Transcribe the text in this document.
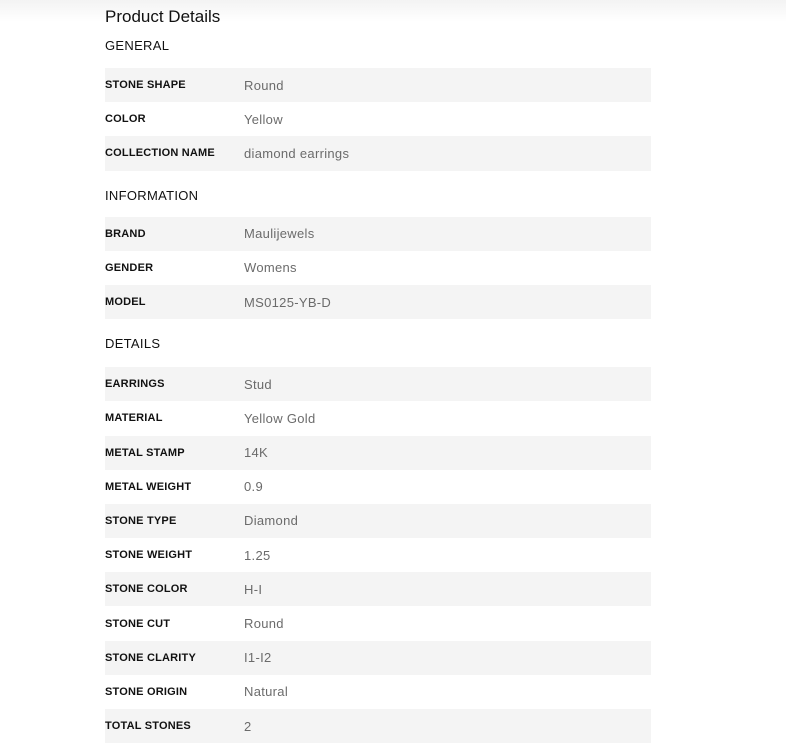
Product Details
GENERAL
STONE SHAPE	Round
COLOR	Yellow
COLLECTION NAME	diamond earrings
INFORMATION
BRAND	Maulijewels
GENDER	Womens
MODEL	MS0125-YB-D
DETAILS
EARRINGS	Stud
MATERIAL	Yellow Gold
METAL STAMP	14K
METAL WEIGHT	0.9
STONE TYPE	Diamond
STONE WEIGHT	1.25
STONE COLOR	H-I
STONE CUT	Round
STONE CLARITY	I1-I2
STONE ORIGIN	Natural
TOTAL STONES	2
